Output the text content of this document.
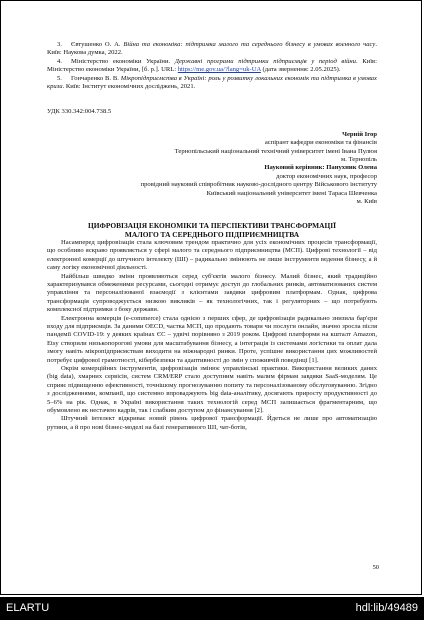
3. Євтушенко О. А. Війна та економіка: підтримка малого та середнього бізнесу в умовах воєнного часу. Київ: Наукова думка, 2022.

4. Міністерство економіки України. Державні програми підтримки підприємців у період війни. Київ: Міністерство економіки України, [б. р.]. URL: https://me.gov.ua/?lang=uk-UA (дата звернення: 2.05.2025).

5. Гончаренко В. В. Мікропідприємства в Україні: роль у розвитку локальних економік та підтримка в умовах кризи. Київ: Інститут економічних досліджень, 2021.

УДК 330.342:004.738.5
Черній Ігор
аспірант кафедри економіки та фінансів
Тернопільський національний технічний університет імені Івана Пулюя
м. Тернопіль
Науковий керівник: Панухник Олена
доктор економічних наук, професор
провідний науковий співробітник науково-дослідного центру Військового інституту
Київський національний університет імені Тараса Шевченка
м. Київ
ЦИФРОВІЗАЦІЯ ЕКОНОМІКИ ТА ПЕРСПЕКТИВИ ТРАНСФОРМАЦІЇ
МАЛОГО ТА СЕРЕДНЬОГО ПІДПРИЄМНИЦТВА

Насамперед цифровізація стала ключовим трендом практично для усіх економічних процесів трансформації, що особливо яскраво проявляється у сфері малого та середнього підприємництва (МСП). Цифрові технології – від електронної комерції до штучного інтелекту (ШІ) – радикально змінюють не лише інструменти ведення бізнесу, а й саму логіку економічної діяльності.

Найбільш швидко зміни проявляються серед суб'єктів малого бізнесу. Малий бізнес, який традиційно характеризувався обмеженими ресурсами, сьогодні отримує доступ до глобальних ринків, автоматизованих систем управління та персоналізованої взаємодії з клієнтами завдяки цифровим платформам. Однак, цифрова трансформація супроводжується низкою викликів – як технологічних, так і регуляторних – що потребують комплексної підтримки з боку держави.

Електронна комерція (e-commerce) стала однією з перших сфер, де цифровізація радикально знизила бар'єри входу для підприємців. За даними OECD, частка МСП, що продають товари чи послуги онлайн, значно зросла після пандемії COVID-19: у деяких країнах ЄС – удвічі порівняно з 2019 роком. Цифрові платформи на кшталт Amazon, Etsy створили низькопорогові умови для масштабування бізнесу, а інтеграція із системами логістики та оплат дала змогу навіть мікропідприємствам виходити на міжнародні ринки. Проте, успішне використання цих можливостей потребує цифрової грамотності, кібербезпеки та адаптивності до змін у споживчій поведінці [1].

Окрім комерційних інструментів, цифровізація змінює управлінські практики. Використання великих даних (big data), хмарних сервісів, систем CRM/ERP стало доступним навіть малим фірмам завдяки SaaS-моделям. Це сприяє підвищенню ефективності, точнішому прогнозуванню попиту та персоналізованому обслуговуванню. Згідно з дослідженнями, компанії, що системно впроваджують big data-аналітику, досягають приросту продуктивності до 5–6% на рік. Однак, в Україні використання таких технологій серед МСП залишається фрагментарним, що обумовлено як нестачею кадрів, так і слабким доступом до фінансування [2].

Штучний інтелект відкриває новий рівень цифрової трансформації. Йдеться не лише про автоматизацію рутини, а й про нові бізнес-моделі на базі генеративного ШІ, чат-ботів,

50
ELARTU	hdl:lib/49489
